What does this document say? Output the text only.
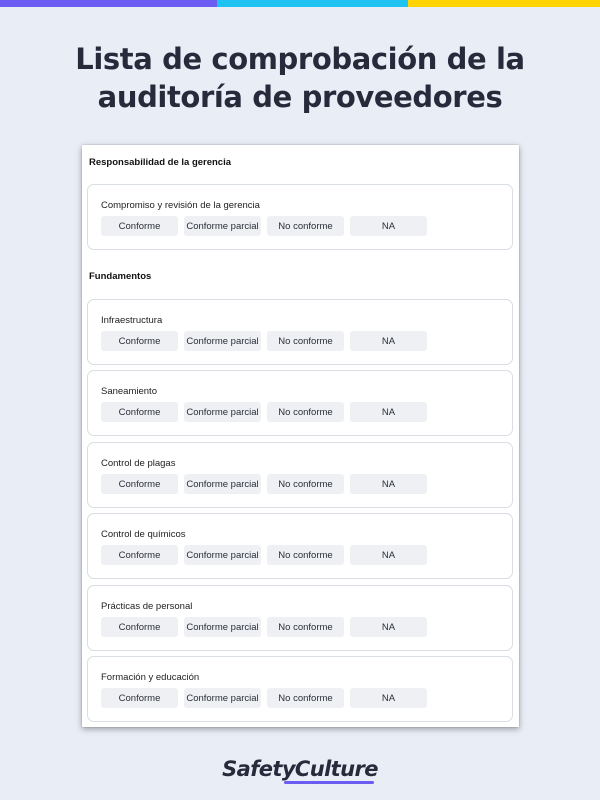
Lista de comprobación de la
auditoría de proveedores
Responsabilidad de la gerencia
Compromiso y revisión de la gerencia
Conforme	Conforme parcial	No conforme	NA
Fundamentos
Infraestructura
Conforme	Conforme parcial	No conforme	NA
Saneamiento
Conforme	Conforme parcial	No conforme	NA
Control de plagas
Conforme	Conforme parcial	No conforme	NA
Control de químicos
Conforme	Conforme parcial	No conforme	NA
Prácticas de personal
Conforme	Conforme parcial	No conforme	NA
Formación y educación
Conforme	Conforme parcial	No conforme	NA
SafetyCulture
